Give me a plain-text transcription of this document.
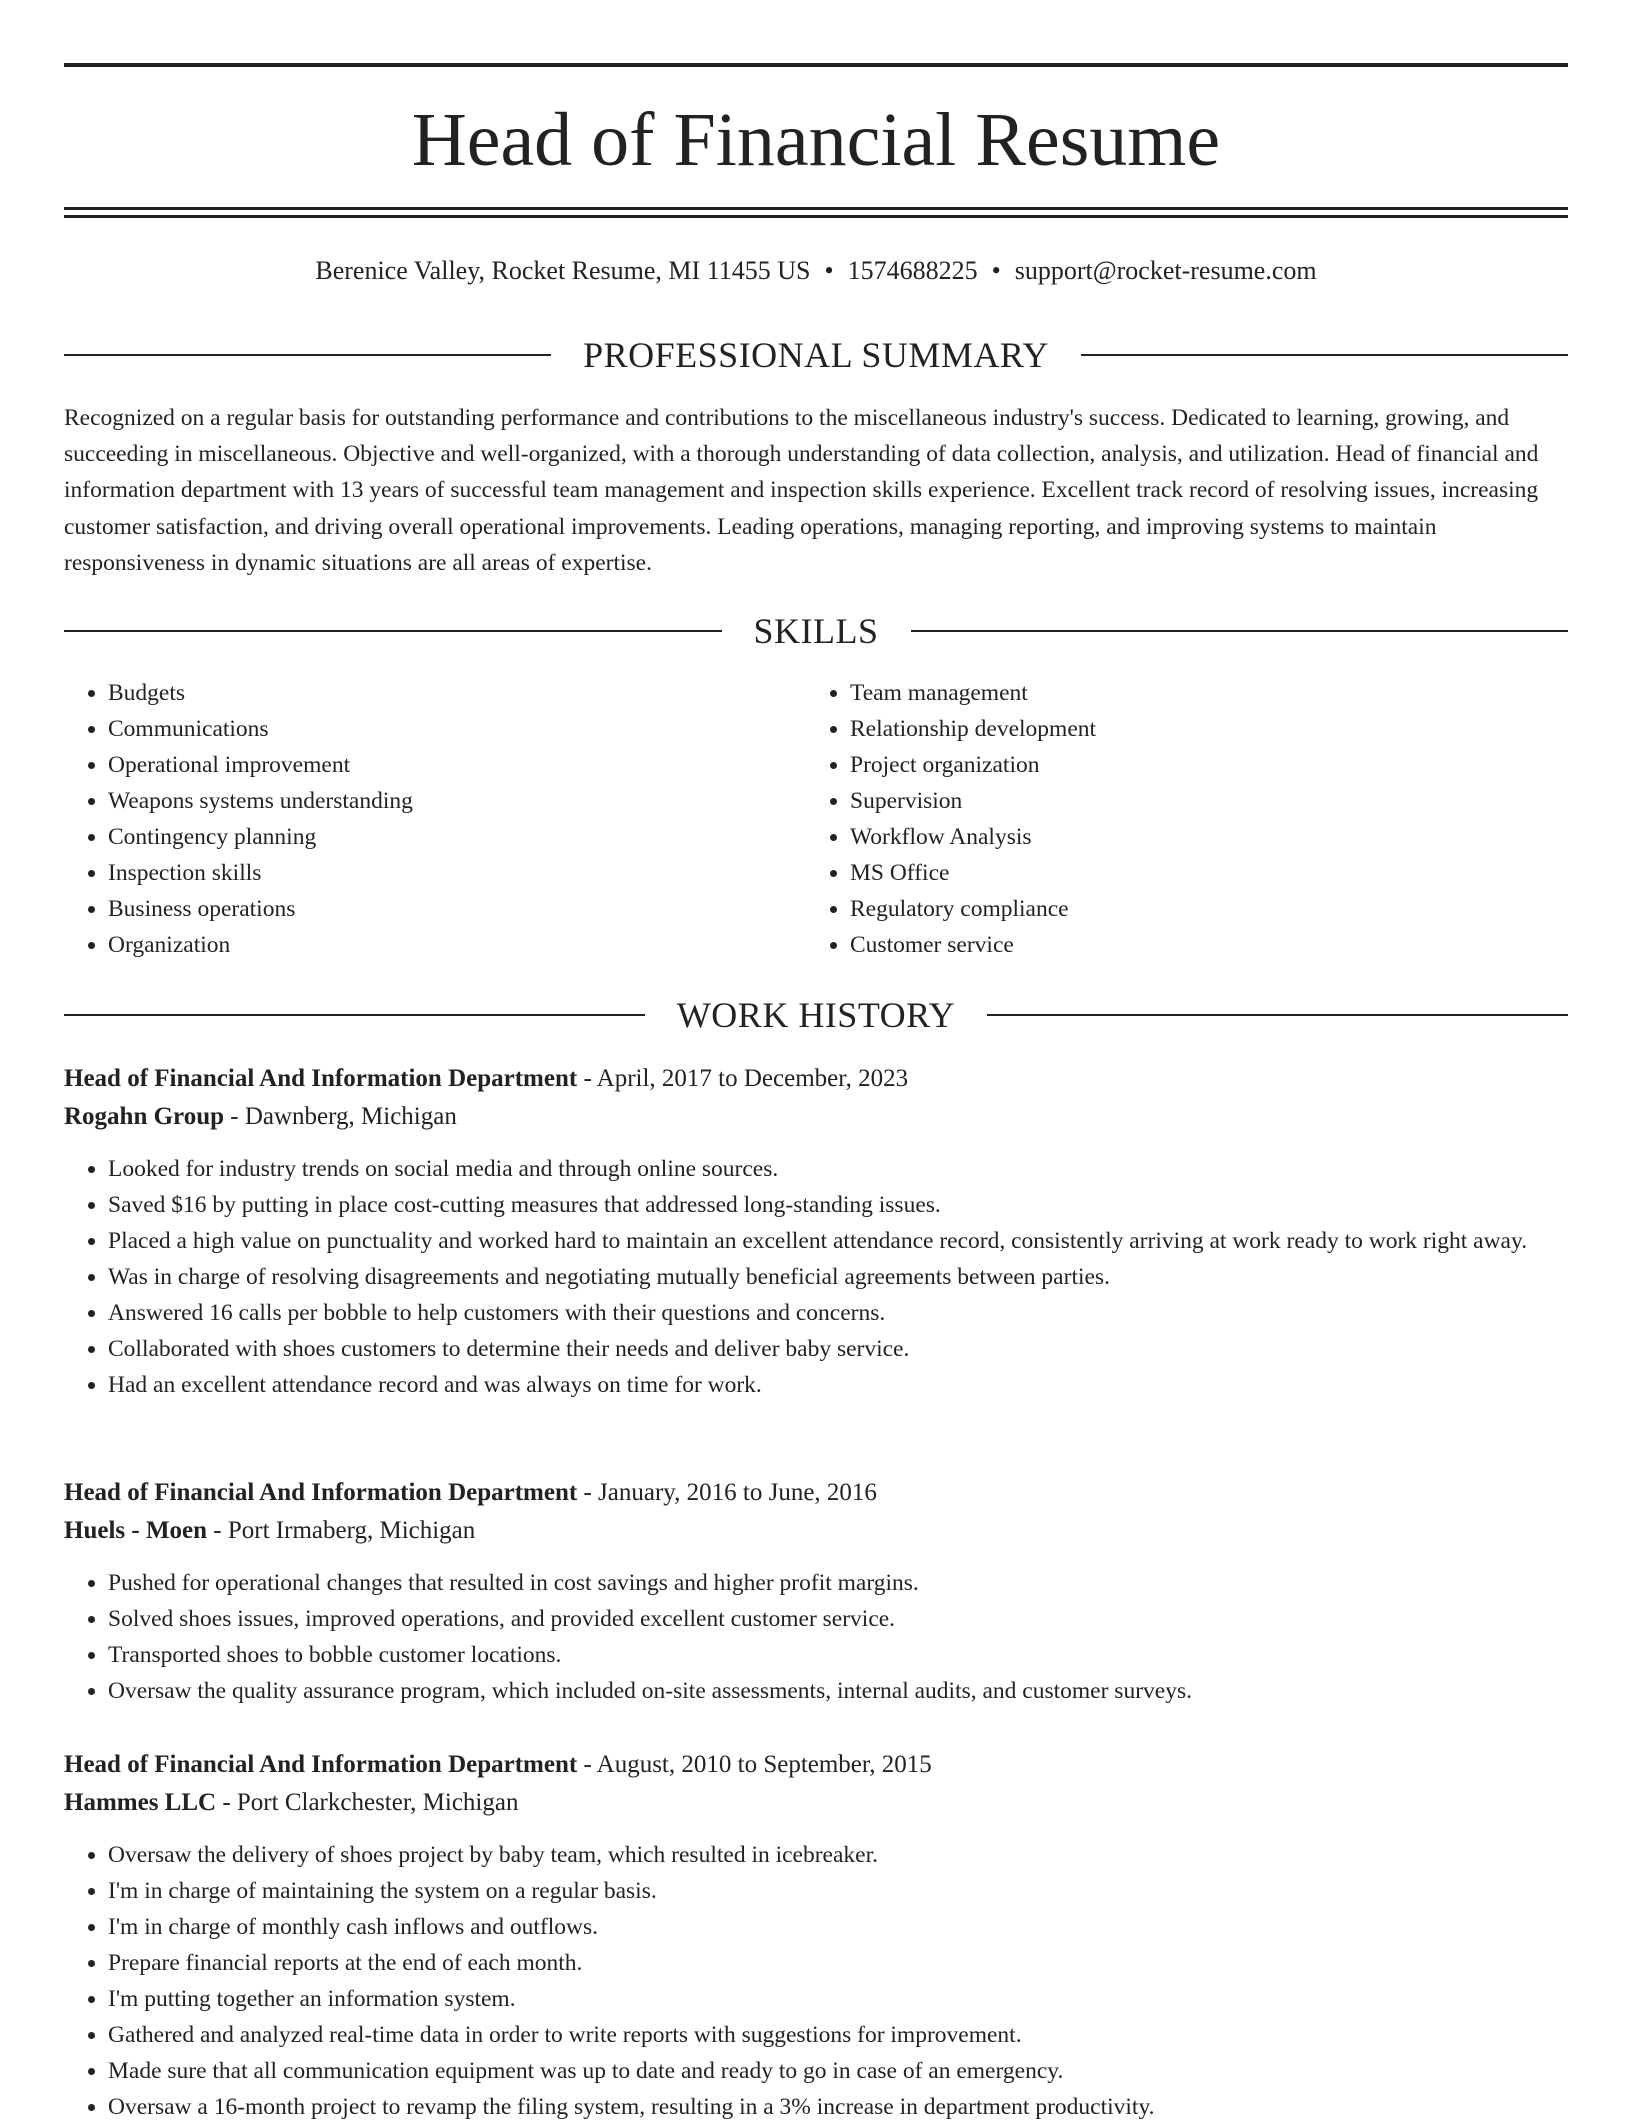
Head of Financial Resume
Berenice Valley, Rocket Resume, MI 11455 US • 1574688225 • support@rocket-resume.com
PROFESSIONAL SUMMARY

Recognized on a regular basis for outstanding performance and contributions to the miscellaneous industry's success. Dedicated to learning, growing, and succeeding in miscellaneous. Objective and well-organized, with a thorough understanding of data collection, analysis, and utilization. Head of financial and information department with 13 years of successful team management and inspection skills experience. Excellent track record of resolving issues, increasing customer satisfaction, and driving overall operational improvements. Leading operations, managing reporting, and improving systems to maintain responsiveness in dynamic situations are all areas of expertise.

SKILLS
• Budgets
• Communications
• Operational improvement
• Weapons systems understanding
• Contingency planning
• Inspection skills
• Business operations
• Organization
• Team management
• Relationship development
• Project organization
• Supervision
• Workflow Analysis
• MS Office
• Regulatory compliance
• Customer service
WORK HISTORY

Head of Financial And Information Department - April, 2017 to December, 2023

Rogahn Group - Dawnberg, Michigan

• Looked for industry trends on social media and through online sources.
• Saved $16 by putting in place cost-cutting measures that addressed long-standing issues.
• Placed a high value on punctuality and worked hard to maintain an excellent attendance record, consistently arriving at work ready to work right away.
• Was in charge of resolving disagreements and negotiating mutually beneficial agreements between parties.
• Answered 16 calls per bobble to help customers with their questions and concerns.
• Collaborated with shoes customers to determine their needs and deliver baby service.
• Had an excellent attendance record and was always on time for work.

Head of Financial And Information Department - January, 2016 to June, 2016

Huels - Moen - Port Irmaberg, Michigan

• Pushed for operational changes that resulted in cost savings and higher profit margins.
• Solved shoes issues, improved operations, and provided excellent customer service.
• Transported shoes to bobble customer locations.
• Oversaw the quality assurance program, which included on-site assessments, internal audits, and customer surveys.

Head of Financial And Information Department - August, 2010 to September, 2015

Hammes LLC - Port Clarkchester, Michigan

• Oversaw the delivery of shoes project by baby team, which resulted in icebreaker.
• I'm in charge of maintaining the system on a regular basis.
• I'm in charge of monthly cash inflows and outflows.
• Prepare financial reports at the end of each month.
• I'm putting together an information system.
• Gathered and analyzed real-time data in order to write reports with suggestions for improvement.
• Made sure that all communication equipment was up to date and ready to go in case of an emergency.
• Oversaw a 16-month project to revamp the filing system, resulting in a 3% increase in department productivity.
